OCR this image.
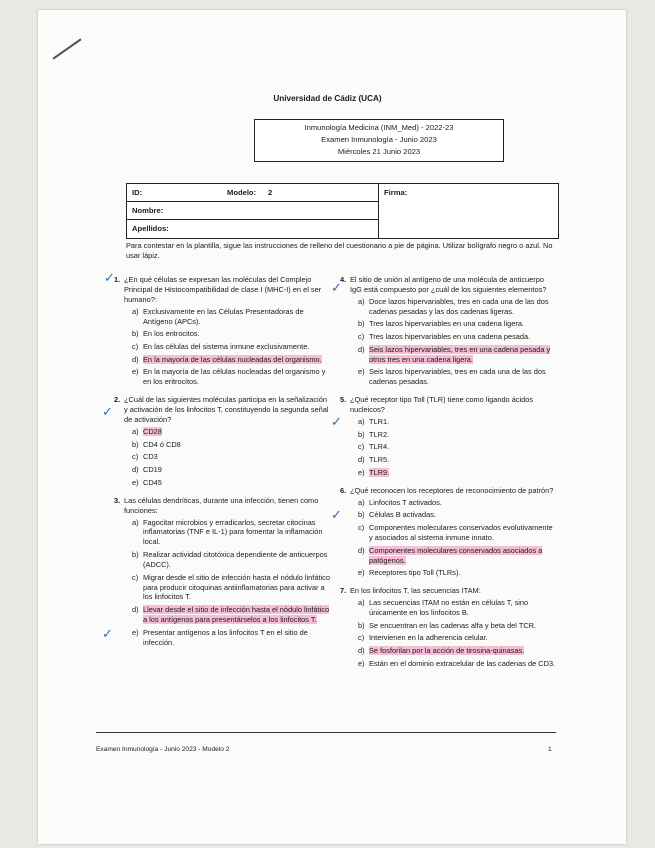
Universidad de Cádiz (UCA)
Inmunología Medicina (INM_Med) - 2022-23
Examen Inmunología - Junio 2023
Miércoles 21 Junio 2023
ID:	Modelo: 2
Nombre:
Apellidos:
Firma:
Para contestar en la plantilla, sigue las instrucciones de relleno del cuestionario a pie de página. Utilizar bolígrafo negro o azul. No usar lápiz.
1. ¿En qué células se expresan las moléculas del Complejo Principal de Histocompatibilidad de clase I (MHC-I) en el ser humano?:
a) Exclusivamente en las Células Presentadoras de Antígeno (APCs).
b) En los eritrocitos.
c) En las células del sistema inmune exclusivamente.
d) En la mayoría de las células nucleadas del organismo.
e) En la mayoría de las células nucleadas del organismo y en los eritrocitos.
2. ¿Cuál de las siguientes moléculas participa en la señalización y activación de los linfocitos T, constituyendo la segunda señal de activación?
a) CD28
b) CD4 ó CD8
c) CD3
d) CD19
e) CD45
3. Las células dendríticas, durante una infección, tienen como funciones:
a) Fagocitar microbios y erradicarlos, secretar citocinas inflamatorias (TNF e IL-1) para fomentar la inflamación local.
b) Realizar actividad citotóxica dependiente de anticuerpos (ADCC).
c) Migrar desde el sitio de infección hasta el nódulo linfático para producir citoquinas antiinflamatorias para activar a los linfocitos T.
d) Llevar desde el sitio de infección hasta el nódulo linfático a los antígenos para presentárselos a los linfocitos T.
e) Presentar antígenos a los linfocitos T en el sitio de infección.
4. El sitio de unión al antígeno de una molécula de anticuerpo IgG está compuesto por ¿cuál de los siguientes elementos?
a) Doce lazos hipervariables, tres en cada una de las dos cadenas pesadas y las dos cadenas ligeras.
b) Tres lazos hipervariables en una cadena ligera.
c) Tres lazos hipervariables en una cadena pesada.
d) Seis lazos hipervariables, tres en una cadena pesada y otros tres en una cadena ligera.
e) Seis lazos hipervariables, tres en cada una de las dos cadenas pesadas.
5. ¿Qué receptor tipo Toll (TLR) tiene como ligando ácidos nucleicos?
a) TLR1.
b) TLR2.
c) TLR4.
d) TLR5.
e) TLR9.
6. ¿Qué reconocen los receptores de reconocimiento de patrón?
a) Linfocitos T activados.
b) Células B activadas.
c) Componentes moleculares conservados evolutivamente y asociados al sistema inmune innato.
d) Componentes moleculares conservados asociados a patógenos.
e) Receptores tipo Toll (TLRs).
7. En los linfocitos T, las secuencias ITAM:
a) Las secuencias ITAM no están en células T, sino únicamente en los linfocitos B.
b) Se encuentran en las cadenas alfa y beta del TCR.
c) Intervienen en la adherencia celular.
d) Se fosforilan por la acción de tirosina-quinasas.
e) Están en el dominio extracelular de las cadenas de CD3.
✓
✓
✓
✓
✓
✓
Examen Inmunología - Junio 2023 - Modelo 2	1
